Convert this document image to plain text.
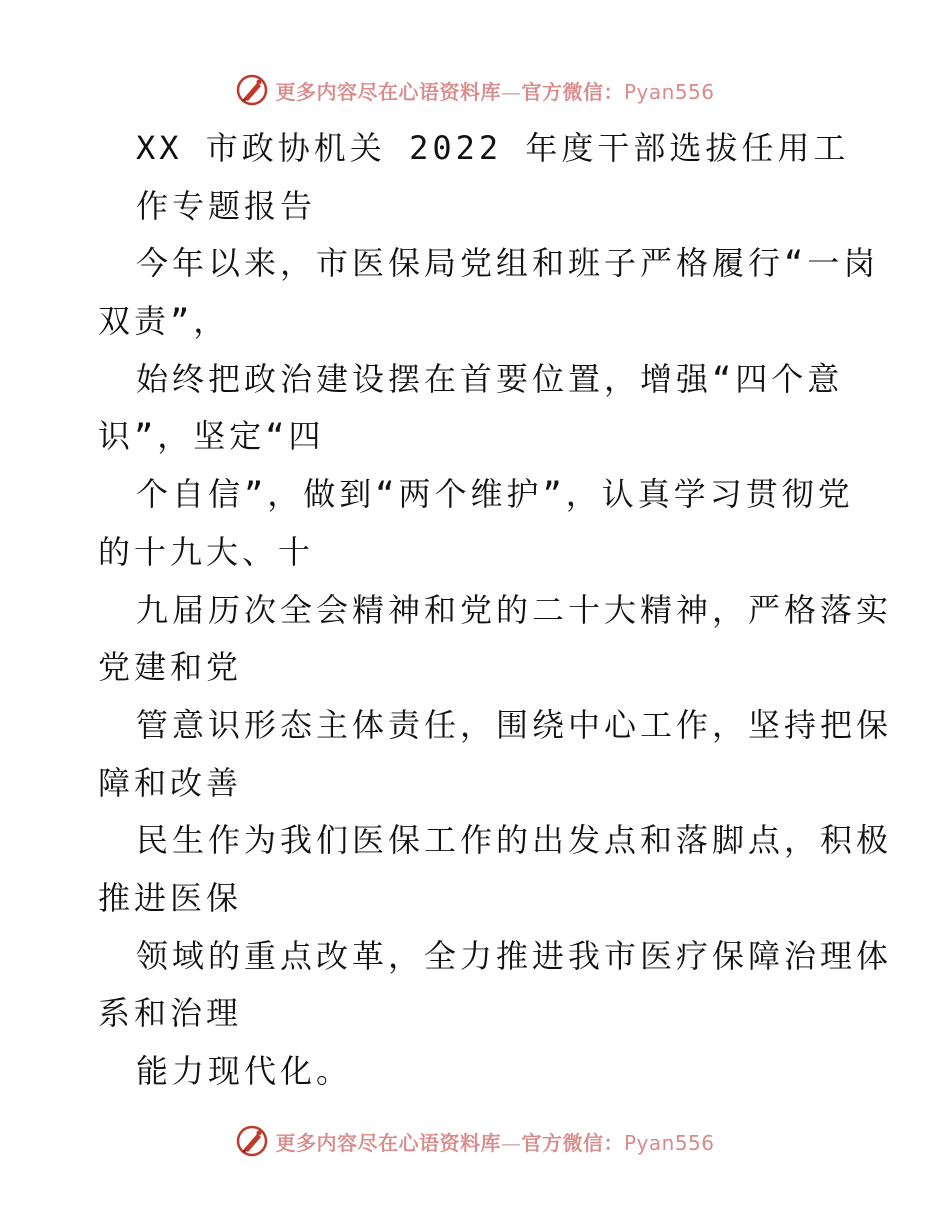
更多内容尽在心语资料库—官方微信：Pyan556
XX 市政协机关 2022 年度干部选拔任用工
作专题报告
今年以来，市医保局党组和班子严格履行“一岗
双责”，
始终把政治建设摆在首要位置，增强“四个意
识”，坚定“四
个自信”，做到“两个维护”，认真学习贯彻党
的十九大、十
九届历次全会精神和党的二十大精神，严格落实
党建和党
管意识形态主体责任，围绕中心工作，坚持把保
障和改善
民生作为我们医保工作的出发点和落脚点，积极
推进医保
领域的重点改革，全力推进我市医疗保障治理体
系和治理
能力现代化。
更多内容尽在心语资料库—官方微信：Pyan556
